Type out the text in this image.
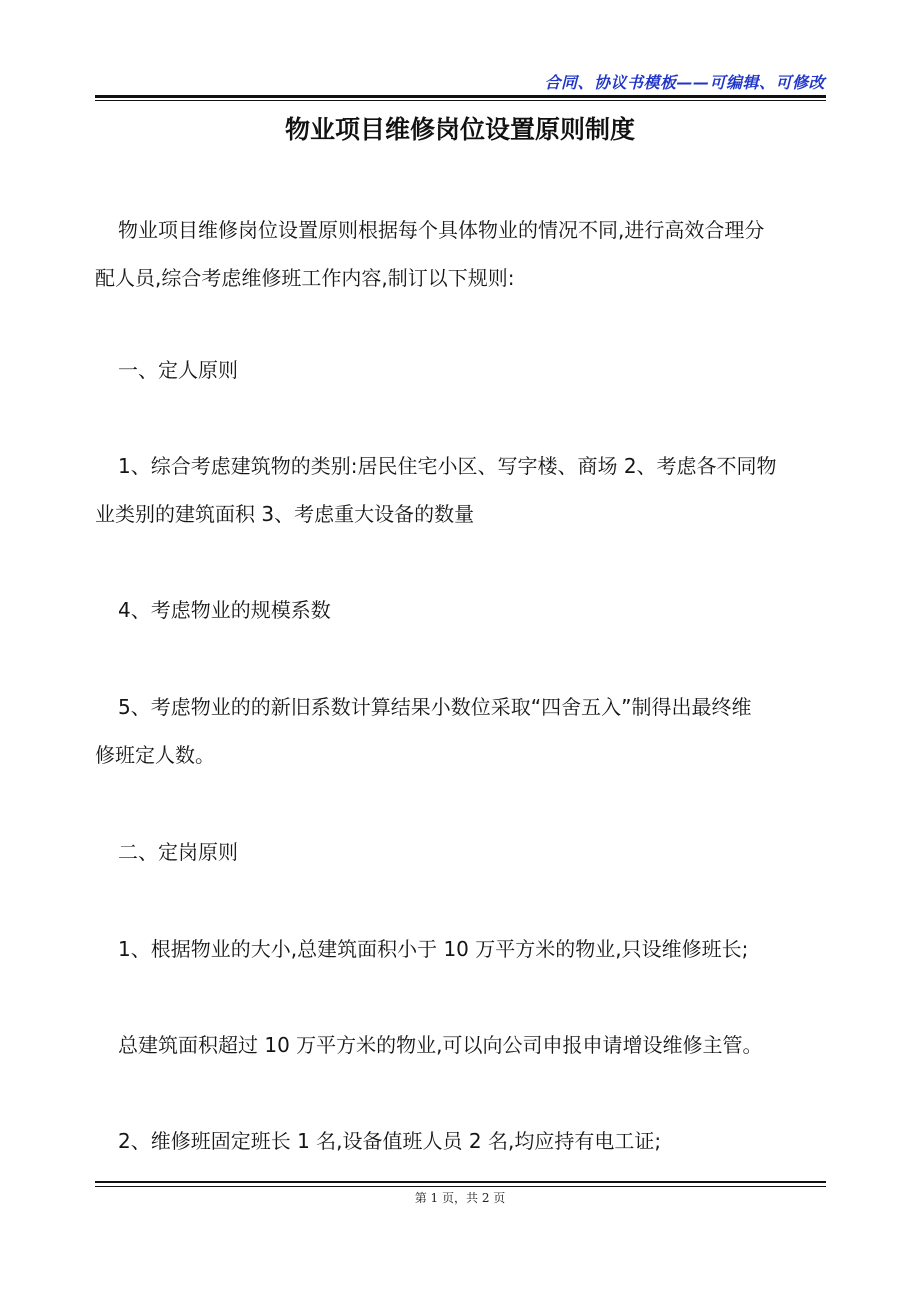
合同、协议书模板——可编辑、可修改
物业项目维修岗位设置原则制度

物业项目维修岗位设置原则根据每个具体物业的情况不同,进行高效合理分

配人员,综合考虑维修班工作内容,制订以下规则:

一、定人原则

1、综合考虑建筑物的类别:居民住宅小区、写字楼、商场 2、考虑各不同物

业类别的建筑面积 3、考虑重大设备的数量

4、考虑物业的规模系数

5、考虑物业的的新旧系数计算结果小数位采取“四舍五入”制得出最终维

修班定人数。

二、定岗原则

1、根据物业的大小,总建筑面积小于 10 万平方米的物业,只设维修班长;

总建筑面积超过 10 万平方米的物业,可以向公司申报申请增设维修主管。

2、维修班固定班长 1 名,设备值班人员 2 名,均应持有电工证;

第 1 页，共 2 页
